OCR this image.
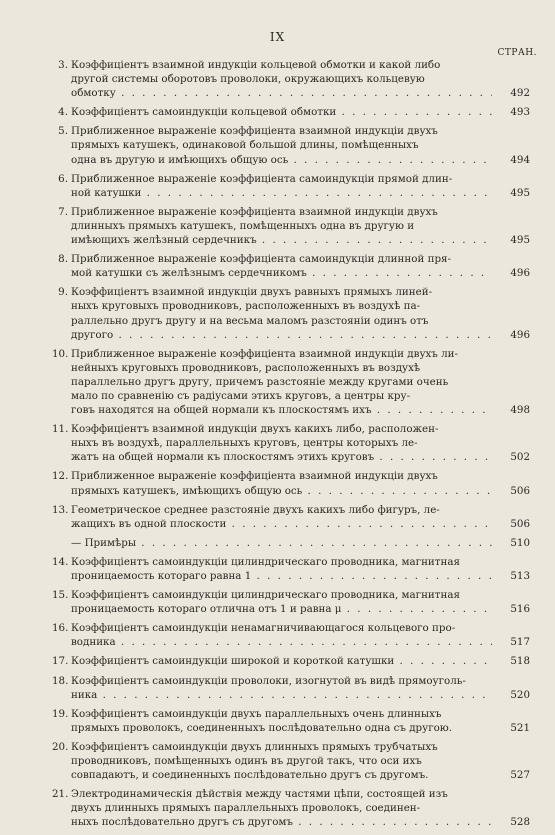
IX
СТРАН.
3. Коэффиціентъ взаимной индукціи кольцевой обмотки и какой либо
другой системы оборотовъ проволоки, окружающихъ кольцевую
обмотку . . .	492
4. Коэффиціентъ самоиндукціи кольцевой обмотки . . .	493
5. Приближенное выраженіе коэффиціента взаимной индукціи двухъ
прямыхъ катушекъ, одинаковой большой длины, помѣщенныхъ
одна въ другую и имѣющихъ общую ось . . .	494
6. Приближенное выраженіе коэффиціента самоиндукціи прямой длин-
ной катушки . . .	495
7. Приближенное выраженіе коэффиціента взаимной индукціи двухъ
длинныхъ прямыхъ катушекъ, помѣщенныхъ одна въ другую и
имѣющихъ желѣзный сердечникъ . . .	495
8. Приближенное выраженіе коэффиціента самоиндукціи длинной пря-
мой катушки съ желѣзнымъ сердечникомъ . . .	496
9. Коэффиціентъ взаимной индукціи двухъ равныхъ прямыхъ линей-
ныхъ круговыхъ проводниковъ, расположенныхъ въ воздухѣ па-
раллельно другъ другу и на весьма маломъ разстояніи одинъ отъ
другого . . .	496
10. Приближенное выраженіе коэффиціента взаимной индукціи двухъ ли-
нейныхъ круговыхъ проводниковъ, расположенныхъ въ воздухѣ
параллельно другъ другу, причемъ разстояніе между кругами очень
мало по сравненію съ радіусами этихъ круговъ, а центры кру-
говъ находятся на общей нормали къ плоскостямъ ихъ . . .	498
11. Коэффиціентъ взаимной индукціи двухъ какихъ либо, расположен-
ныхъ въ воздухѣ, параллельныхъ круговъ, центры которыхъ ле-
жатъ на общей нормали къ плоскостямъ этихъ круговъ . . .	502
12. Приближенное выраженіе коэффиціента взаимной индукціи двухъ
прямыхъ катушекъ, имѣющихъ общую ось . . .	506
13. Геометрическое среднее разстояніе двухъ какихъ либо фигуръ, ле-
жащихъ въ одной плоскости . . .	506
— Примѣры . . .	510
14. Коэффиціентъ самоиндукціи цилиндрическаго проводника, магнитная
проницаемость котораго равна 1 . . .	513
15. Коэффиціентъ самоиндукціи цилиндрическаго проводника, магнитная
проницаемость котораго отлична отъ 1 и равна μ . . .	516
16. Коэффиціентъ самоиндукціи ненамагничивающагося кольцевого про-
водника . . .	517
17. Коэффиціентъ самоиндукціи широкой и короткой катушки . . .	518
18. Коэффиціентъ самоиндукціи проволоки, изогнутой въ видѣ прямоуголь-
ника . . .	520
19. Коэффиціентъ самоиндукціи двухъ параллельныхъ очень длинныхъ
прямыхъ проволокъ, соединенныхъ послѣдовательно одна съ другою.	521
20. Коэффиціентъ самоиндукціи двухъ длинныхъ прямыхъ трубчатыхъ
проводниковъ, помѣщенныхъ одинъ въ другой такъ, что оси ихъ
совпадаютъ, и соединенныхъ послѣдовательно другъ съ другомъ.	527
21. Электродинамическія дѣйствія между частями цѣпи, состоящей изъ
двухъ длинныхъ прямыхъ параллельныхъ проволокъ, соединен-
ныхъ послѣдовательно другъ съ другомъ . . .	528
